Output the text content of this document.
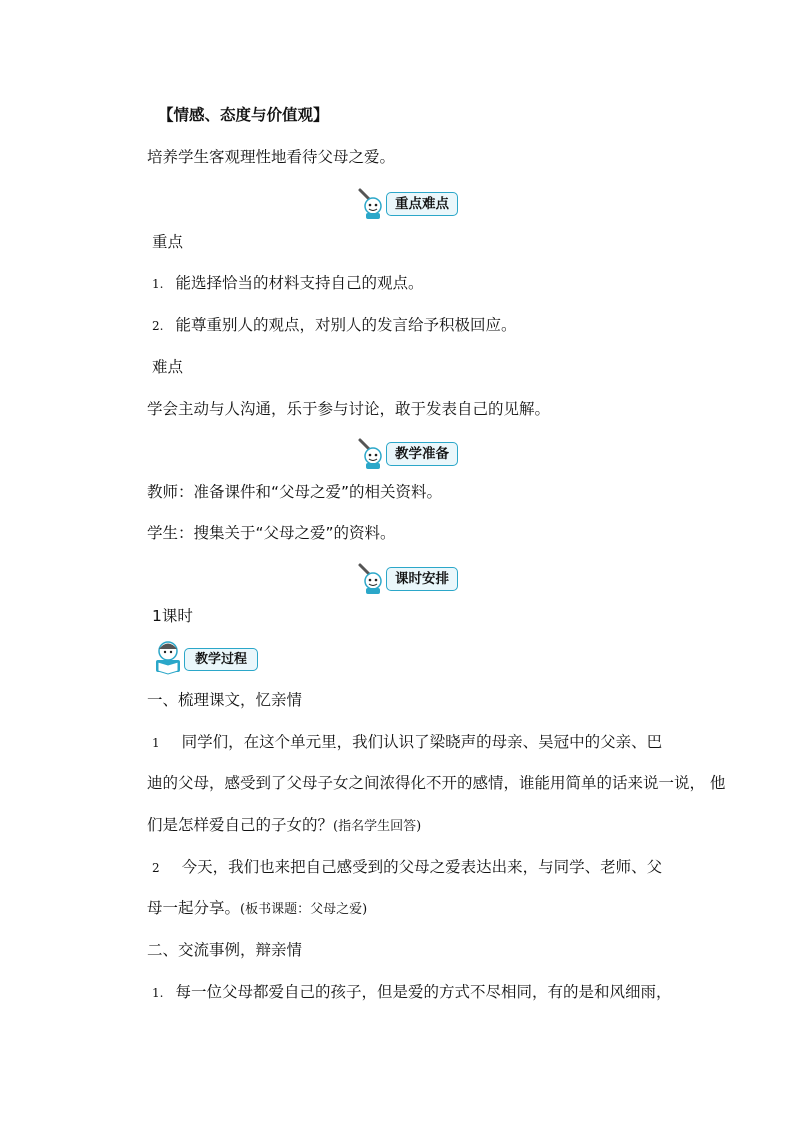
【情感、态度与价值观】
培养学生客观理性地看待父母之爱。
重点难点
重点
1. 能选择恰当的材料支持自己的观点。
2. 能尊重别人的观点，对别人的发言给予积极回应。
难点
学会主动与人沟通，乐于参与讨论，敢于发表自己的见解。
教学准备
教师：准备课件和“父母之爱”的相关资料。
学生：搜集关于“父母之爱”的资料。
课时安排
1课时
教学过程
一、梳理课文，忆亲情
1 同学们，在这个单元里，我们认识了梁晓声的母亲、吴冠中的父亲、巴
迪的父母，感受到了父母子女之间浓得化不开的感情，谁能用简单的话来说一说， 他
们是怎样爱自己的子女的？(指名学生回答)
2 今天，我们也来把自己感受到的父母之爱表达出来，与同学、老师、父
母一起分享。(板书课题：父母之爱)
二、交流事例，辩亲情
1. 每一位父母都爱自己的孩子，但是爱的方式不尽相同，有的是和风细雨，
